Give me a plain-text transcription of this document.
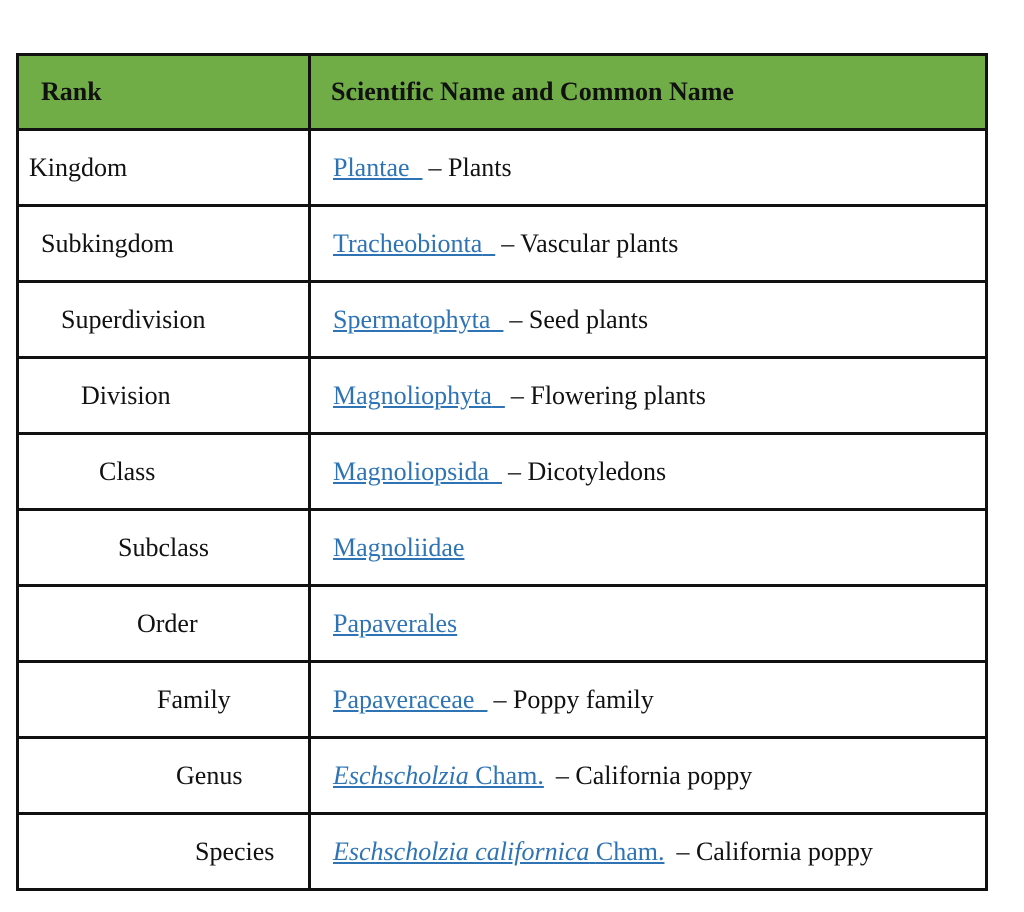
Rank	Scientific Name and Common Name
Kingdom	Plantae – Plants
Subkingdom	Tracheobionta – Vascular plants
Superdivision	Spermatophyta – Seed plants
Division	Magnoliophyta – Flowering plants
Class	Magnoliopsida – Dicotyledons
Subclass	Magnoliidae
Order	Papaverales
Family	Papaveraceae – Poppy family
Genus	Eschscholzia Cham. – California poppy
Species	Eschscholzia californica Cham. – California poppy
